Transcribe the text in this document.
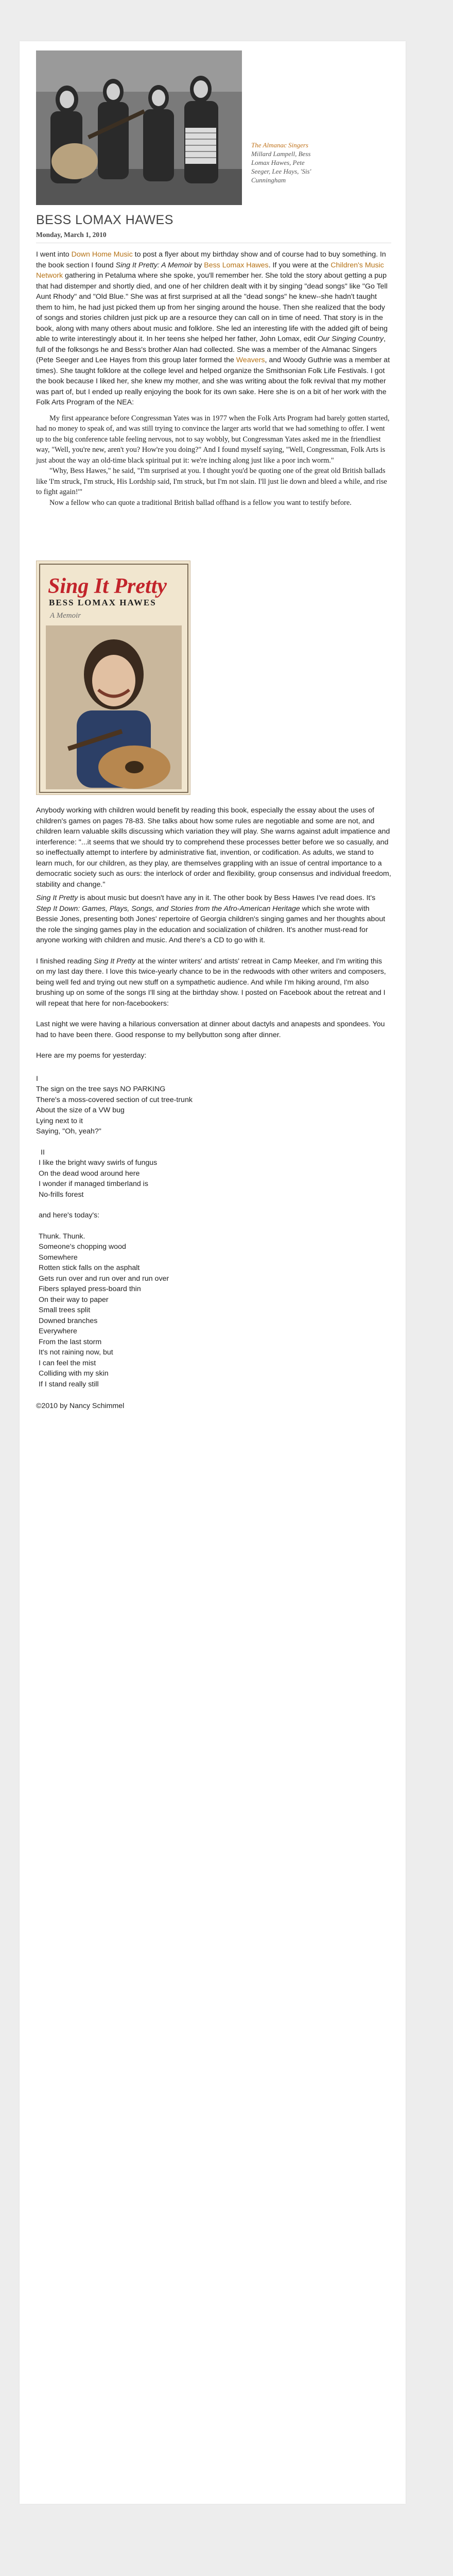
The Almanac Singers
Millard Lampell, Bess
Lomax Hawes, Pete
Seeger, Lee Hays, 'Sis'
Cunningham
BESS LOMAX HAWES
Monday, March 1, 2010

I went into Down Home Music to post a flyer about my birthday show and of course had to buy something. In the book section I found Sing It Pretty: A Memoir by Bess Lomax Hawes. If you were at the Children's Music Network gathering in Petaluma where she spoke, you'll remember her. She told the story about getting a pup that had distemper and shortly died, and one of her children dealt with it by singing "dead songs" like "Go Tell Aunt Rhody" and "Old Blue." She was at first surprised at all the "dead songs" he knew--she hadn't taught them to him, he had just picked them up from her singing around the house. Then she realized that the body of songs and stories children just pick up are a resource they can call on in time of need. That story is in the book, along with many others about music and folklore. She led an interesting life with the added gift of being able to write interestingly about it. In her teens she helped her father, John Lomax, edit Our Singing Country, full of the folksongs he and Bess's brother Alan had collected. She was a member of the Almanac Singers (Pete Seeger and Lee Hayes from this group later formed the Weavers, and Woody Guthrie was a member at times). She taught folklore at the college level and helped organize the Smithsonian Folk Life Festivals. I got the book because I liked her, she knew my mother, and she was writing about the folk revival that my mother was part of, but I ended up really enjoying the book for its own sake. Here she is on a bit of her work with the Folk Arts Program of the NEA:

My first appearance before Congressman Yates was in 1977 when the Folk Arts Program had barely gotten started, had no money to speak of, and was still trying to convince the larger arts world that we had something to offer. I went up to the big conference table feeling nervous, not to say wobbly, but Congressman Yates asked me in the friendliest way, "Well, you're new, aren't you? How're you doing?" And I found myself saying, "Well, Congressman, Folk Arts is just about the way an old-time black spiritual put it: we're inching along just like a poor inch worm."

"Why, Bess Hawes," he said, "I'm surprised at you. I thought you'd be quoting one of the great old British ballads like 'I'm struck, I'm struck, His Lordship said, I'm struck, but I'm not slain. I'll just lie down and bleed a while, and rise to fight again!'"

Now a fellow who can quote a traditional British ballad offhand is a fellow you want to testify before.

Sing It Pretty
BESS LOMAX HAWES
A Memoir

Anybody working with children would benefit by reading this book, especially the essay about the uses of children's games on pages 78-83. She talks about how some rules are negotiable and some are not, and children learn valuable skills discussing which variation they will play. She warns against adult impatience and interference: "...it seems that we should try to comprehend these processes better before we so casually, and so ineffectually attempt to interfere by administrative fiat, invention, or codification. As adults, we stand to learn much, for our children, as they play, are themselves grappling with an issue of central importance to a democratic society such as ours: the interlock of order and flexibility, group consensus and individual freedom, stability and change."

Sing It Pretty is about music but doesn't have any in it. The other book by Bess Hawes I've read does. It's Step It Down: Games, Plays, Songs, and Stories from the Afro-American Heritage which she wrote with Bessie Jones, presenting both Jones' repertoire of Georgia children's singing games and her thoughts about the role the singing games play in the education and socialization of children. It's another must-read for anyone working with children and music. And there's a CD to go with it.

I finished reading Sing It Pretty at the winter writers' and artists' retreat in Camp Meeker, and I'm writing this on my last day there. I love this twice-yearly chance to be in the redwoods with other writers and composers, being well fed and trying out new stuff on a sympathetic audience. And while I'm hiking around, I'm also brushing up on some of the songs I'll sing at the birthday show. I posted on Facebook about the retreat and I will repeat that here for non-facebookers:

Last night we were having a hilarious conversation at dinner about dactyls and anapests and spondees. You had to have been there. Good response to my bellybutton song after dinner.

Here are my poems for yesterday:

I
The sign on the tree says NO PARKING
There's a moss-covered section of cut tree-trunk
About the size of a VW bug
Lying next to it
Saying, "Oh, yeah?"
II
I like the bright wavy swirls of fungus
On the dead wood around here
I wonder if managed timberland is
No-frills forest
and here's today's:
Thunk. Thunk.
Someone's chopping wood
Somewhere
Rotten stick falls on the asphalt
Gets run over and run over and run over
Fibers splayed press-board thin
On their way to paper
Small trees split
Downed branches
Everywhere
From the last storm
It's not raining now, but
I can feel the mist
Colliding with my skin
If I stand really still

©2010 by Nancy Schimmel
